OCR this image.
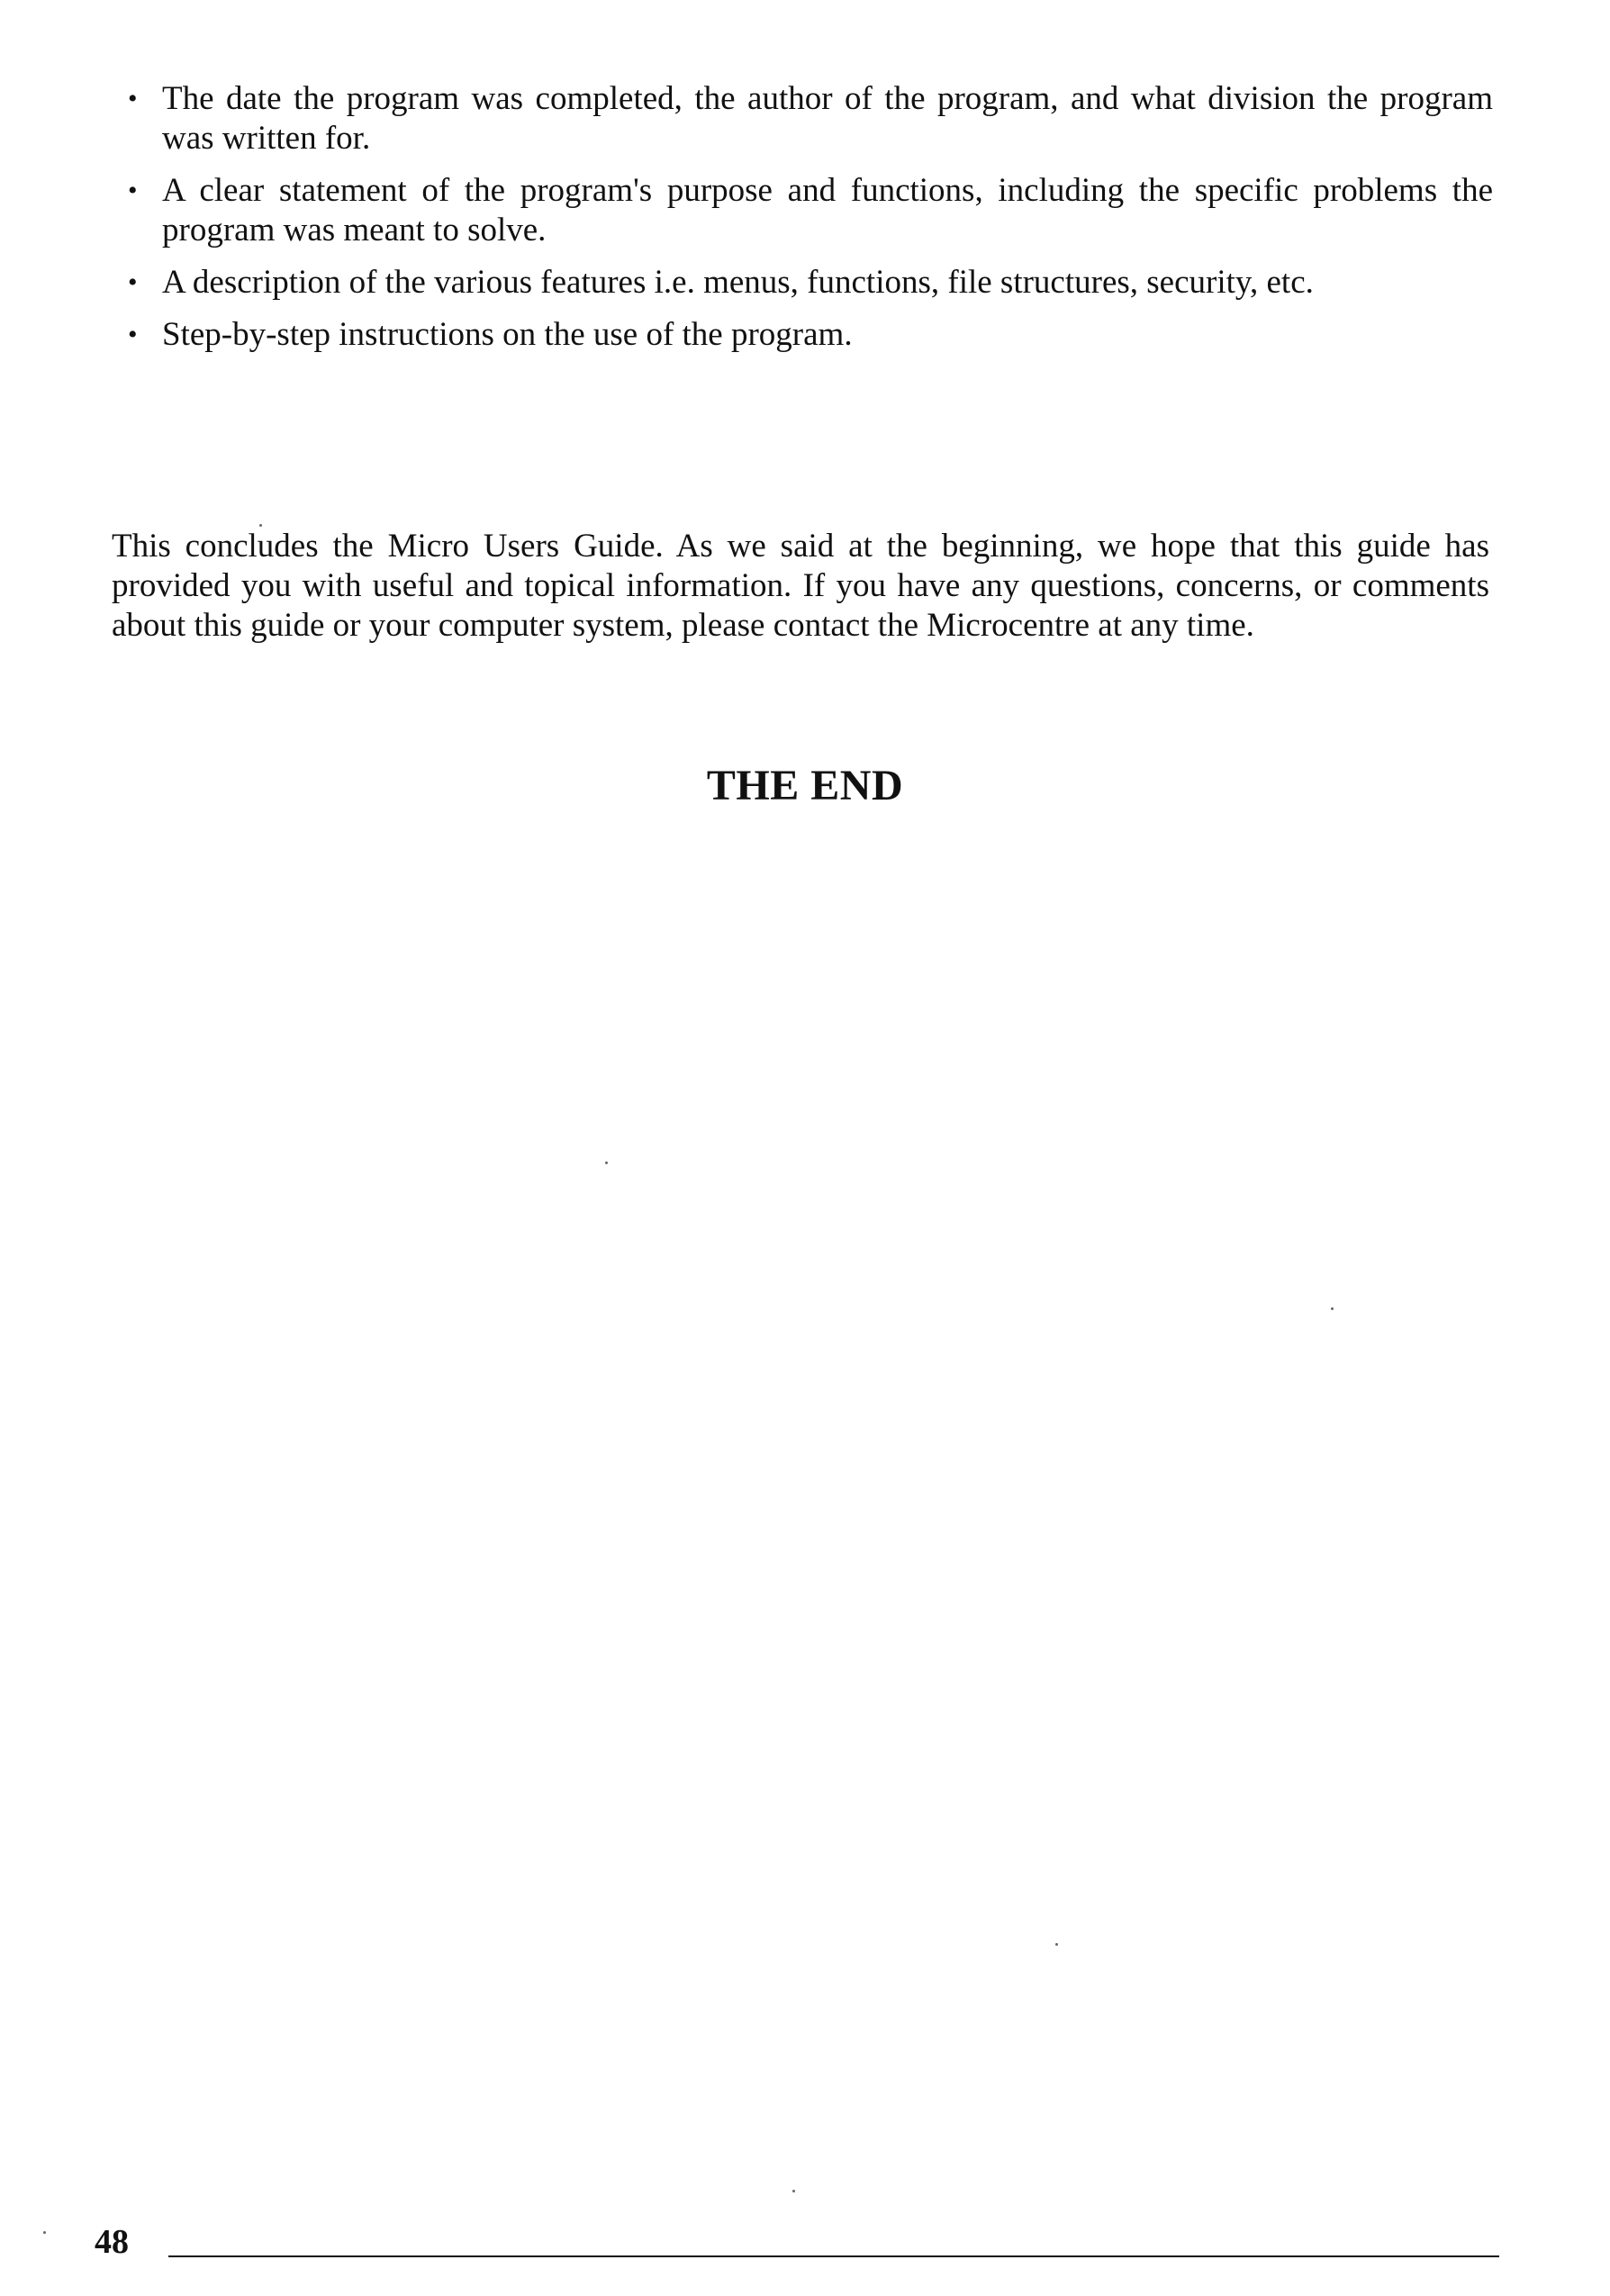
• The date the program was completed, the author of the program, and what division the program was written for.
• A clear statement of the program's purpose and functions, including the specific problems the program was meant to solve.
• A description of the various features i.e. menus, functions, file structures, security, etc.
• Step-by-step instructions on the use of the program.

This concludes the Micro Users Guide. As we said at the beginning, we hope that this guide has provided you with useful and topical information. If you have any questions, concerns, or comments about this guide or your computer system, please contact the Microcentre at any time.

THE END
48
